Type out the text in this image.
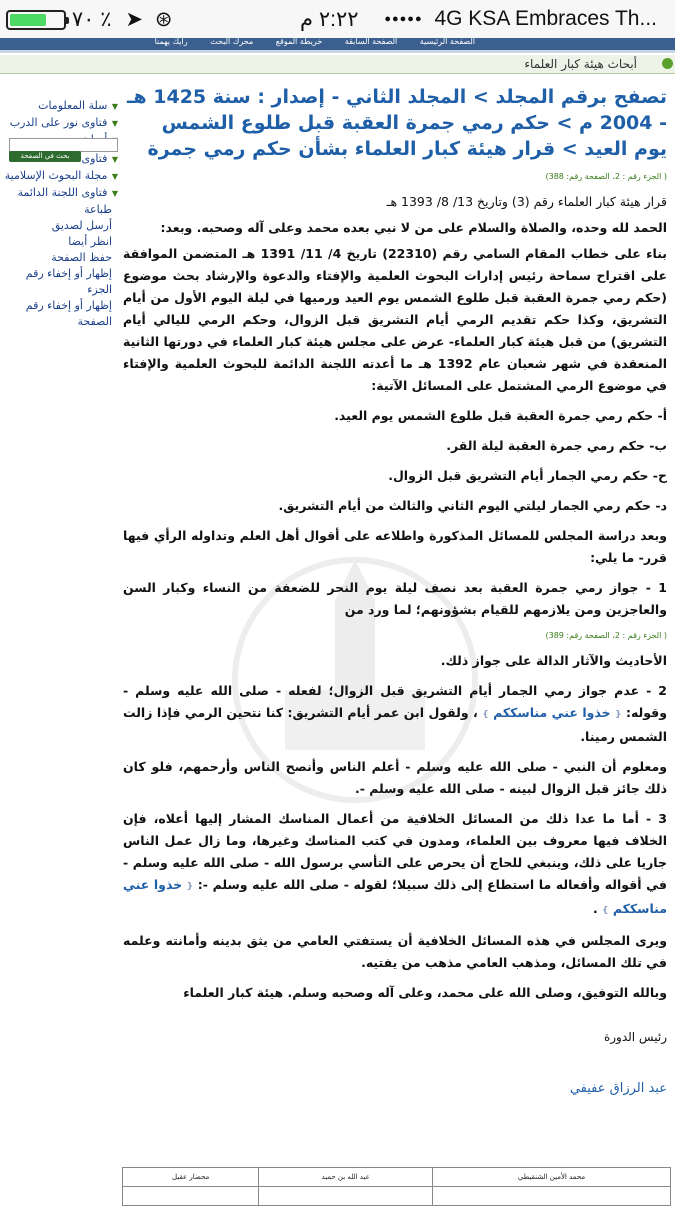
●●●●● 4G KSA Embraces Th...
٢:٢٢ م
٧٠ ٪ ➤ ⊛
الصفحة الرئيسية الصفحة السابقة خريطة الموقع محرك البحث رأيك يهمنا
أبحاث هيئة كبار العلماء
▼ سلة المعلومات
▼ فتاوى نور على الدرب
▼ فتاوى
▼ مجلة البحوث الإسلامية
▼ فتاوى اللجنة الدائمة
طباعة
أرسل لصديق
انظر أيضا
حفظ الصفحة
إظهار أو إخفاء رقم الجزء
إظهار أو إخفاء رقم الصفحة
بحث في الصفحة
تصفح برقم المجلد > المجلد الثاني - إصدار : سنة 1425 هـ - 2004 م > حكم رمي جمرة العقبة قبل طلوع الشمس يوم العيد > قرار هيئة كبار العلماء بشأن حكم رمي جمرة
( الجزء رقم : 2، الصفحة رقم: 388)

قرار هيئة كبار العلماء رقم (3) وتاريخ 13/ 8/ 1393 هـ

الحمد لله وحده، والصلاة والسلام على من لا نبي بعده محمد وعلى آله وصحبه. وبعد:

بناء على خطاب المقام السامي رقم (22310) تاريخ 4/ 11/ 1391 هـ المتضمن الموافقة على اقتراح سماحة رئيس إدارات البحوث العلمية والإفتاء والدعوة والإرشاد بحث موضوع (حكم رمي جمرة العقبة قبل طلوع الشمس يوم العيد ورميها في ليلة اليوم الأول من أيام التشريق، وكذا حكم تقديم الرمي أيام التشريق قبل الزوال، وحكم الرمي لليالي أيام التشريق) من قبل هيئة كبار العلماء- عرض على مجلس هيئة كبار العلماء في دورتها الثانية المنعقدة في شهر شعبان عام 1392 هـ ما أعدته اللجنة الدائمة للبحوث العلمية والإفتاء في موضوع الرمي المشتمل على المسائل الآتية:

أ- حكم رمي جمرة العقبة قبل طلوع الشمس يوم العيد.

ب- حكم رمي جمرة العقبة ليلة القر.

ح- حكم رمي الجمار أيام التشريق قبل الزوال.

د- حكم رمي الجمار ليلتي اليوم الثاني والثالث من أيام التشريق.

وبعد دراسة المجلس للمسائل المذكورة واطلاعه على أقوال أهل العلم وتداوله الرأي فيها قرر- ما يلي:

1 - جواز رمي جمرة العقبة بعد نصف ليلة يوم النحر للضعفة من النساء وكبار السن والعاجزين ومن يلازمهم للقيام بشؤونهم؛ لما ورد من

( الجزء رقم : 2، الصفحة رقم: 389)

الأحاديث والآثار الدالة على جواز ذلك.

2 - عدم جواز رمي الجمار أيام التشريق قبل الزوال؛ لفعله - صلى الله عليه وسلم - وقوله: { خذوا عني مناسككم } ، ولقول ابن عمر أيام التشريق: كنا نتحين الرمي فإذا زالت الشمس رمينا.

ومعلوم أن النبي - صلى الله عليه وسلم - أعلم الناس وأنصح الناس وأرحمهم، فلو كان ذلك جائز قبل الزوال لبينه - صلى الله عليه وسلم -.

3 - أما ما عدا ذلك من المسائل الخلافية من أعمال المناسك المشار إليها أعلاه، فإن الخلاف فيها معروف بين العلماء، ومدون في كتب المناسك وغيرها، وما زال عمل الناس جاريا على ذلك، وينبغي للحاج أن يحرص على التأسي برسول الله - صلى الله عليه وسلم - في أقواله وأفعاله ما استطاع إلى ذلك سبيلا؛ لقوله - صلى الله عليه وسلم -: { خذوا عني مناسككم } .

ويرى المجلس في هذه المسائل الخلافية أن يستفتي العامي من يثق بدينه وأمانته وعلمه في تلك المسائل، ومذهب العامي مذهب من يفتيه.

وبالله التوفيق، وصلى الله على محمد، وعلى آله وصحبه وسلم. هيئة كبار العلماء

رئيس الدورة

عبد الرزاق عفيفي

محمد الأمين الشنقيطي	عبد الله بن حميد	محضار عقيل
